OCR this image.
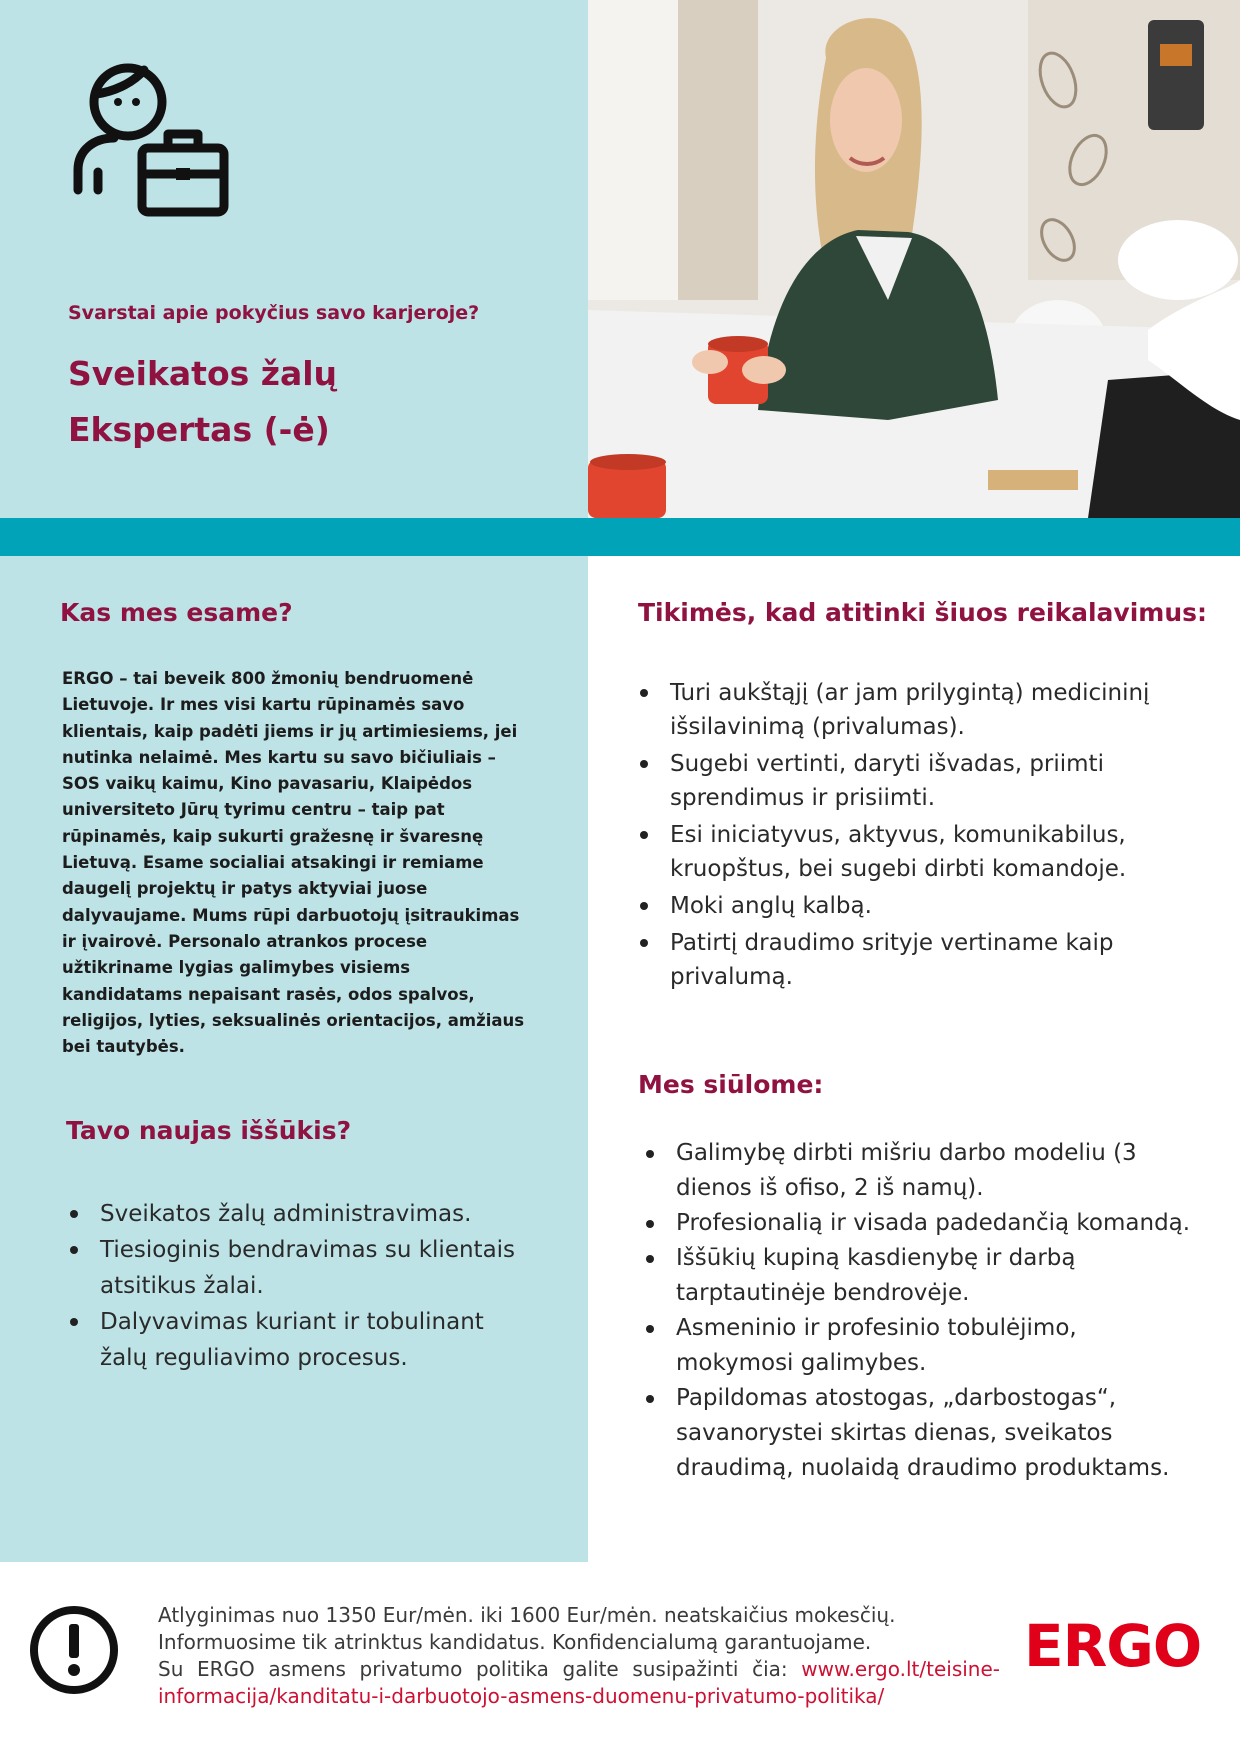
Svarstai apie pokyčius savo karjeroje?
Sveikatos žalų
Ekspertas (-ė)
Kas mes esame?
ERGO – tai beveik 800 žmonių bendruomenė Lietuvoje. Ir mes visi kartu rūpinamės savo klientais, kaip padėti jiems ir jų artimiesiems, jei nutinka nelaimė. Mes kartu su savo bičiuliais – SOS vaikų kaimu, Kino pavasariu, Klaipėdos universiteto Jūrų tyrimu centru – taip pat rūpinamės, kaip sukurti gražesnę ir švaresnę Lietuvą. Esame socialiai atsakingi ir remiame daugelį projektų ir patys aktyviai juose dalyvaujame. Mums rūpi darbuotojų įsitraukimas ir įvairovė. Personalo atrankos procese užtikriname lygias galimybes visiems kandidatams nepaisant rasės, odos spalvos, religijos, lyties, seksualinės orientacijos, amžiaus bei tautybės.
Tavo naujas iššūkis?
Sveikatos žalų administravimas.
Tiesioginis bendravimas su klientais atsitikus žalai.
Dalyvavimas kuriant ir tobulinant žalų reguliavimo procesus.
Tikimės, kad atitinki šiuos reikalavimus:
Turi aukštąjį (ar jam prilygintą) medicininį išsilavinimą (privalumas).
Sugebi vertinti, daryti išvadas, priimti sprendimus ir prisiimti.
Esi iniciatyvus, aktyvus, komunikabilus, kruopštus, bei sugebi dirbti komandoje.
Moki anglų kalbą.
Patirtį draudimo srityje vertiname kaip privalumą.
Mes siūlome:
Galimybę dirbti mišriu darbo modeliu (3 dienos iš ofiso, 2 iš namų).
Profesionalią ir visada padedančią komandą.
Iššūkių kupiną kasdienybę ir darbą tarptautinėje bendrovėje.
Asmeninio ir profesinio tobulėjimo, mokymosi galimybes.
Papildomas atostogas, „darbostogas“, savanorystei skirtas dienas, sveikatos draudimą, nuolaidą draudimo produktams.
Atlyginimas nuo 1350 Eur/mėn. iki 1600 Eur/mėn. neatskaičius mokesčių.
Informuosime tik atrinktus kandidatus. Konfidencialumą garantuojame.
Su ERGO asmens privatumo politika galite susipažinti čia: www.ergo.lt/teisine-
informacija/kanditatu-i-darbuotojo-asmens-duomenu-privatumo-politika/
ERGO
